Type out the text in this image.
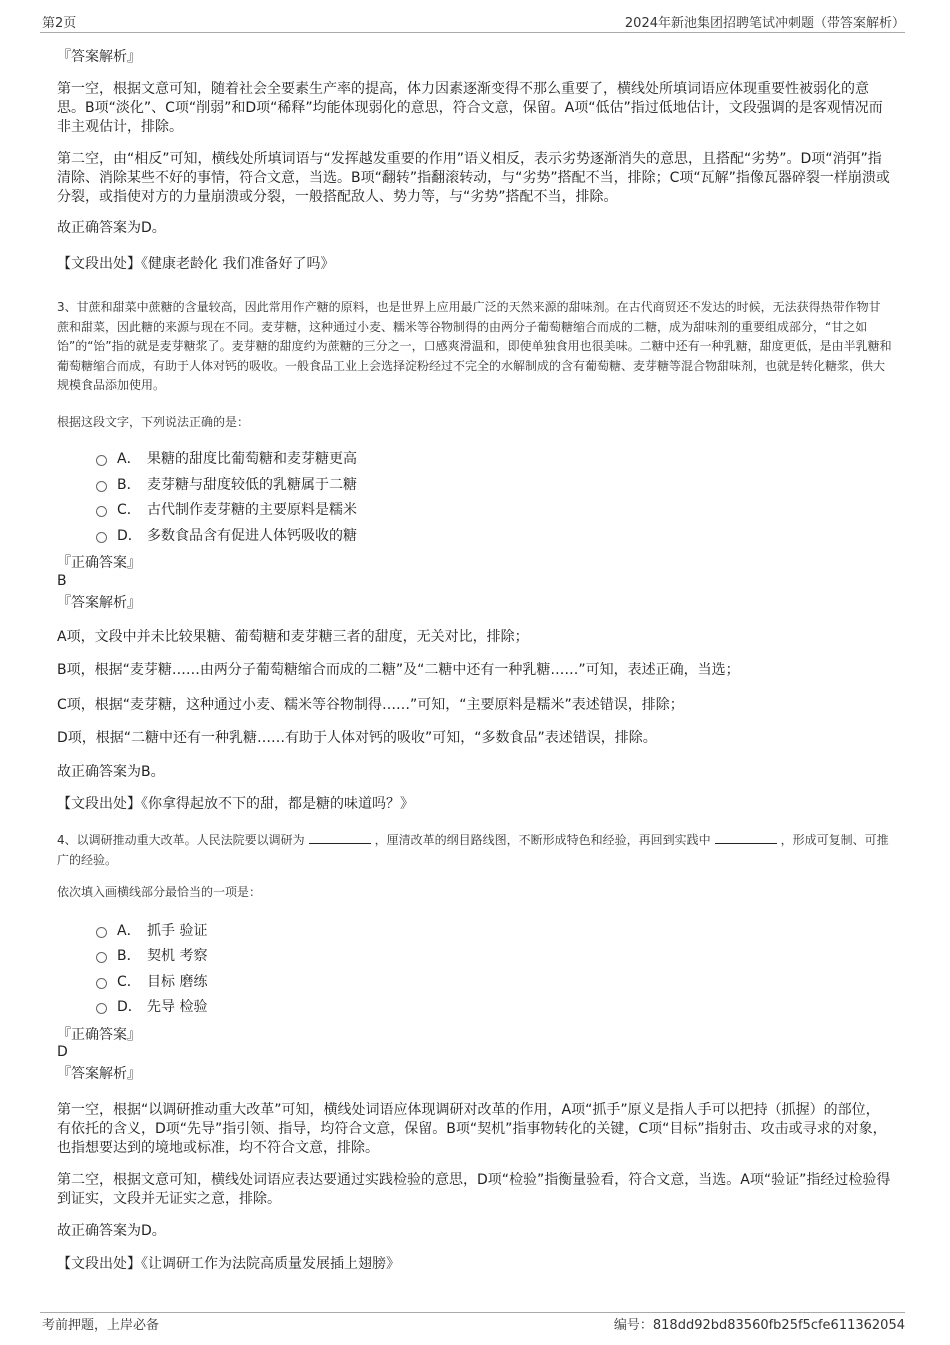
第2页	2024年新池集团招聘笔试冲刺题（带答案解析）
『答案解析』
第一空，根据文意可知，随着社会全要素生产率的提高，体力因素逐渐变得不那么重要了，横线处所填词语应体现重要性被弱化的意思。B项“淡化”、C项“削弱”和D项“稀释”均能体现弱化的意思，符合文意，保留。A项“低估”指过低地估计，文段强调的是客观情况而非主观估计，排除。
第二空，由“相反”可知，横线处所填词语与“发挥越发重要的作用”语义相反，表示劣势逐渐消失的意思，且搭配“劣势”。D项“消弭”指清除、消除某些不好的事情，符合文意，当选。B项“翻转”指翻滚转动，与“劣势”搭配不当，排除；C项“瓦解”指像瓦器碎裂一样崩溃或分裂，或指使对方的力量崩溃或分裂，一般搭配敌人、势力等，与“劣势”搭配不当，排除。
故正确答案为D。
【文段出处】《健康老龄化 我们准备好了吗》
3、甘蔗和甜菜中蔗糖的含量较高，因此常用作产糖的原料，也是世界上应用最广泛的天然来源的甜味剂。在古代商贸还不发达的时候，无法获得热带作物甘蔗和甜菜，因此糖的来源与现在不同。麦芽糖，这种通过小麦、糯米等谷物制得的由两分子葡萄糖缩合而成的二糖，成为甜味剂的重要组成部分，“甘之如饴”的“饴”指的就是麦芽糖浆了。麦芽糖的甜度约为蔗糖的三分之一，口感爽滑温和，即使单独食用也很美味。二糖中还有一种乳糖，甜度更低，是由半乳糖和葡萄糖缩合而成，有助于人体对钙的吸收。一般食品工业上会选择淀粉经过不完全的水解制成的含有葡萄糖、麦芽糖等混合物甜味剂，也就是转化糖浆，供大规模食品添加使用。
根据这段文字，下列说法正确的是：
A． 果糖的甜度比葡萄糖和麦芽糖更高
B． 麦芽糖与甜度较低的乳糖属于二糖
C． 古代制作麦芽糖的主要原料是糯米
D． 多数食品含有促进人体钙吸收的糖
『正确答案』
B
『答案解析』
A项，文段中并未比较果糖、葡萄糖和麦芽糖三者的甜度，无关对比，排除；
B项，根据“麦芽糖……由两分子葡萄糖缩合而成的二糖”及“二糖中还有一种乳糖……”可知，表述正确，当选；
C项，根据“麦芽糖，这种通过小麦、糯米等谷物制得……”可知，“主要原料是糯米”表述错误，排除；
D项，根据“二糖中还有一种乳糖……有助于人体对钙的吸收”可知，“多数食品”表述错误，排除。
故正确答案为B。
【文段出处】《你拿得起放不下的甜，都是糖的味道吗？》
4、以调研推动重大改革。人民法院要以调研为	，厘清改革的纲目路线图，不断形成特色和经验，再回到实践中	，形成可复制、可推广的经验。
依次填入画横线部分最恰当的一项是：
A． 抓手 验证
B． 契机 考察
C． 目标 磨练
D． 先导 检验
『正确答案』
D
『答案解析』
第一空，根据“以调研推动重大改革”可知，横线处词语应体现调研对改革的作用，A项“抓手”原义是指人手可以把持（抓握）的部位，有依托的含义，D项“先导”指引领、指导，均符合文意，保留。B项“契机”指事物转化的关键，C项“目标”指射击、攻击或寻求的对象，也指想要达到的境地或标准，均不符合文意，排除。
第二空，根据文意可知，横线处词语应表达要通过实践检验的意思，D项“检验”指衡量验看，符合文意，当选。A项“验证”指经过检验得到证实，文段并无证实之意，排除。
故正确答案为D。
【文段出处】《让调研工作为法院高质量发展插上翅膀》
考前押题，上岸必备	编号：818dd92bd83560fb25f5cfe611362054
